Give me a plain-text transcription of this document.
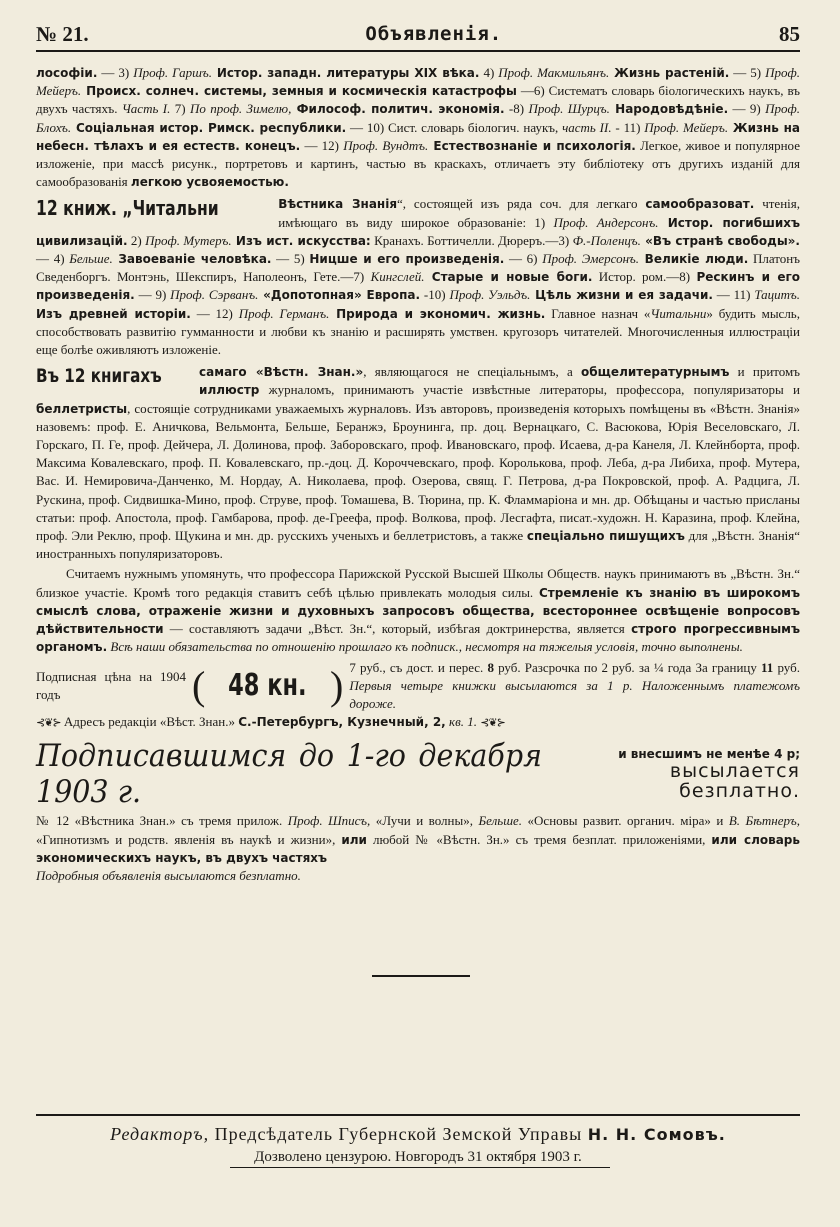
№ 21.	Объявленія.	85

лософіи. — 3) Проф. Гаршъ. Истор. западн. литературы XIX вѣка. 4) Проф. Макмильянъ. Жизнь растеній. — 5) Проф. Мейеръ. Происх. солнеч. системы, земныя и космическія катастрофы —6) Систематъ словарь біологическихъ наукъ, въ двухъ частяхъ. Часть I. 7) По проф. Зимелю, Философ. политич. экономія. -8) Проф. Шурцъ. Народовѣдѣніе. — 9) Проф. Блохъ. Соціальная истор. Римск. республики. — 10) Сист. словарь біологич. наукъ, часть II. - 11) Проф. Мейеръ. Жизнь на небесн. тѣлахъ и ея естеств. конецъ. — 12) Проф. Вундтъ. Естествознаніе и психологія. Легкое, живое и популярное изложеніе, при массѣ рисунк., портретовъ и картинъ, частью въ краскахъ, отличаетъ эту библіотеку отъ другихъ изданій для самообразованія легкою усвояемостью.

12 книж. „Читальни	Вѣстника Знанія“, состоящей изъ ряда соч. для легкаго самообразоват. чтенія, имѣющаго въ виду широкое образованіе: 1) Проф. Андерсонъ. Истор. погибшихъ цивилизацій. 2) Проф. Мутеръ. Изъ ист. искусства: Кранахъ. Боттичелли. Дюреръ.—3) Ф.-Поленцъ. «Въ странѣ свободы». — 4) Бельше. Завоеваніе человѣка. — 5) Ницше и его произведенія. — 6) Проф. Эмерсонъ. Великіе люди. Платонъ Сведенборгъ. Монтэнь, Шекспиръ, Наполеонъ, Гете.—7) Кингслей. Старые и новые боги. Истор. ром.—8) Рескинъ и его произведенія. — 9) Проф. Сэрванъ. «Допотопная» Европа. -10) Проф. Уэльдъ. Цѣль жизни и ея задачи. — 11) Тацитъ. Изъ древней исторіи. — 12) Проф. Германъ. Природа и экономич. жизнь. Главное назнач «Читальни» будить мысль, способствовать развитію гумманности и любви къ знанію и расширять умствен. кругозоръ читателей. Многочисленныя иллюстраціи еще болѣе оживляютъ изложеніе.

Въ 12 книгахъ	самаго «Вѣстн. Знан.», являющагося не спеціальнымъ, а общелитературнымъ и притомъ иллюстр журналомъ, принимаютъ участіе извѣстные литераторы, профессора, популяризаторы и беллетристы, состоящіе сотрудниками уважаемыхъ журналовъ. Изъ авторовъ, произведенія которыхъ помѣщены въ «Вѣстн. Знанія» назовемъ: проф. Е. Аничкова, Вельмонта, Бельше, Беранжэ, Броунинга, пр. доц. Вернацкаго, С. Васюкова, Юрія Веселовскаго, Л. Горскаго, П. Ге, проф. Дейчера, Л. Долинова, проф. Заборовскаго, проф. Ивановскаго, проф. Исаева, д-ра Канеля, Л. Клейнборта, проф. Максима Ковалевскаго, проф. П. Ковалевскаго, пр.-доц. Д. Короччевскаго, проф. Королькова, проф. Леба, д-ра Либиха, проф. Мутера, Вас. И. Немировича-Данченко, М. Нордау, А. Николаева, проф. Озерова, свящ. Г. Петрова, д-ра Покровской, проф. А. Радцига, Л. Рускина, проф. Сидвишка-Мино, проф. Струве, проф. Томашева, В. Тюрина, пр. К. Фламмаріона и мн. др. Обѣщаны и частью присланы статьи: проф. Апостола, проф. Гамбарова, проф. де-Греефа, проф. Волкова, проф. Лесгафта, писат.-художн. Н. Каразина, проф. Клейна, проф. Эли Реклю, проф. Щукина и мн. др. русскихъ ученыхъ и беллетристовъ, а также спеціально пишущихъ для „Вѣстн. Знанія“ иностранныхъ популяризаторовъ.

Считаемъ нужнымъ упомянуть, что профессора Парижской Русской Высшей Школы Обществ. наукъ принимаютъ въ „Вѣстн. Зн.“ близкое участіе. Кромѣ того редакція ставитъ себѣ цѣлью привлекать молодыя силы. Стремленіе къ знанію въ широкомъ смыслѣ слова, отраженіе жизни и духовныхъ запросовъ общества, всестороннее освѣщеніе вопросовъ дѣйствительности — составляютъ задачи „Вѣст. Зн.“, который, избѣгая доктринерства, является строго прогрессивнымъ органомъ. Всѣ наши обязательства по отношенію прошлаго къ подписк., несмотря на тяжелыя условія, точно выполнены.

Подписная цѣна на 1904 годъ	( 48 кн. ) 7 руб., съ дост. и перес. 8 руб. Разсрочка по 2 руб. за ¼ года За границу 11 руб. Первыя четыре книжки высылаются за 1 р. Наложеннымъ платежомъ дороже.

⊰❦⊱ Адресъ редакціи «Вѣст. Знан.» С.-Петербургъ, Кузнечный, 2, кв. 1. ⊰❦⊱

Подписавшимся до 1-го декабря 1903 г.
и внесшимъ не менѣе 4 р;
высылается безплатно.

№ 12 «Вѣстника Знан.» съ тремя прилож. Проф. Шписъ, «Лучи и волны», Бельше. «Основы развит. органич. міра» и В. Бѣтнеръ, «Гипнотизмъ и родств. явленія въ наукѣ и жизни», или любой № «Вѣстн. Зн.» съ тремя безплат. приложеніями, или словарь экономическихъ наукъ, въ двухъ частяхъ

Подробныя объявленія высылаются безплатно.

Редакторъ, Предсѣдатель Губернской Земской Управы Н. Н. Сомовъ.
Дозволено цензурою. Новгородъ 31 октября 1903 г.
